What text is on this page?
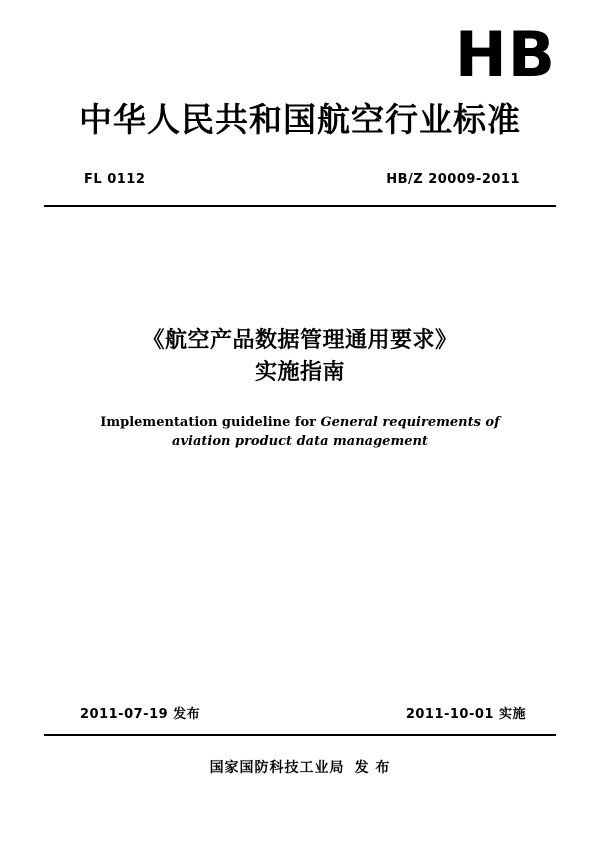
HB
中华人民共和国航空行业标准
FL 0112	HB/Z 20009-2011
《航空产品数据管理通用要求》
实施指南
Implementation guideline for General requirements of
aviation product data management
2011-07-19 发布	2011-10-01 实施
国家国防科技工业局 发 布
